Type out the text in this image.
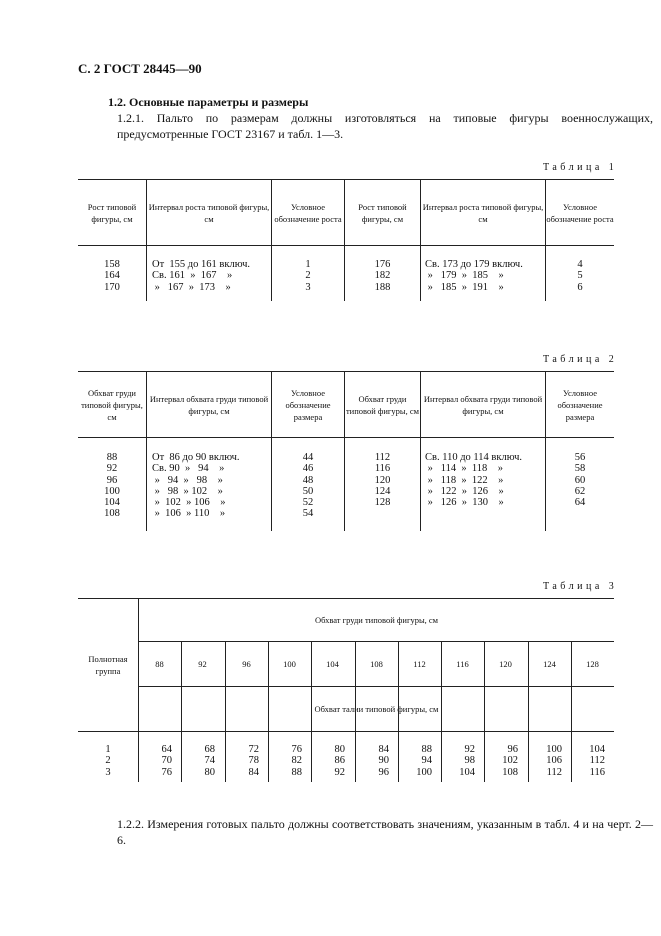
С. 2 ГОСТ 28445—90
1.2. Основные параметры и размеры
1.2.1. Пальто по размерам должны изготовляться на типовые фигуры военнослужащих, предусмотренные ГОСТ 23167 и табл. 1—3.
Таблица 1
Рост типовой фигуры, см
Интервал роста типовой фигуры, см
Условное обозначение роста
Рост типовой фигуры, см
Интервал роста типовой фигуры, см
Условное обозначение роста
158
164
170
От  155 до 161 включ.
Св. 161  »  167    »
»   167  »  173    »
1
2
3
176
182
188
Св. 173 до 179 включ.
»   179  »  185    »
»   185  »  191    »
4
5
6
Таблица 2
Обхват груди типовой фигуры, см
Интервал обхвата груди типовой фигуры, см
Условное обозначение размера
Обхват груди типовой фигуры, см
Интервал обхвата груди типовой фигуры, см
Условное обозначение размера
88
92
96
100
104
108
От  86 до 90 включ.
Св. 90  »   94    »
»   94  »   98    »
»   98  » 102    »
»  102  » 106    »
»  106  » 110    »
44
46
48
50
52
54
112
116
120
124
128
Св. 110 до 114 включ.
»   114  »  118    »
»   118  »  122    »
»   122  »  126    »
»   126  »  130    »
56
58
60
62
64
Таблица 3
Полнотная группа
Обхват груди типовой фигуры, см
Обхват талии типовой фигуры, см
1
2
3
88
64
70
76
92
68
74
80
96
72
78
84
100
76
82
88
104
80
86
92
108
84
90
96
112
88
94
100
116
92
98
104
120
96
102
108
124
100
106
112
128
104
112
116
1.2.2. Измерения готовых пальто должны соответствовать значениям, указанным в табл. 4 и на черт. 2—6.
